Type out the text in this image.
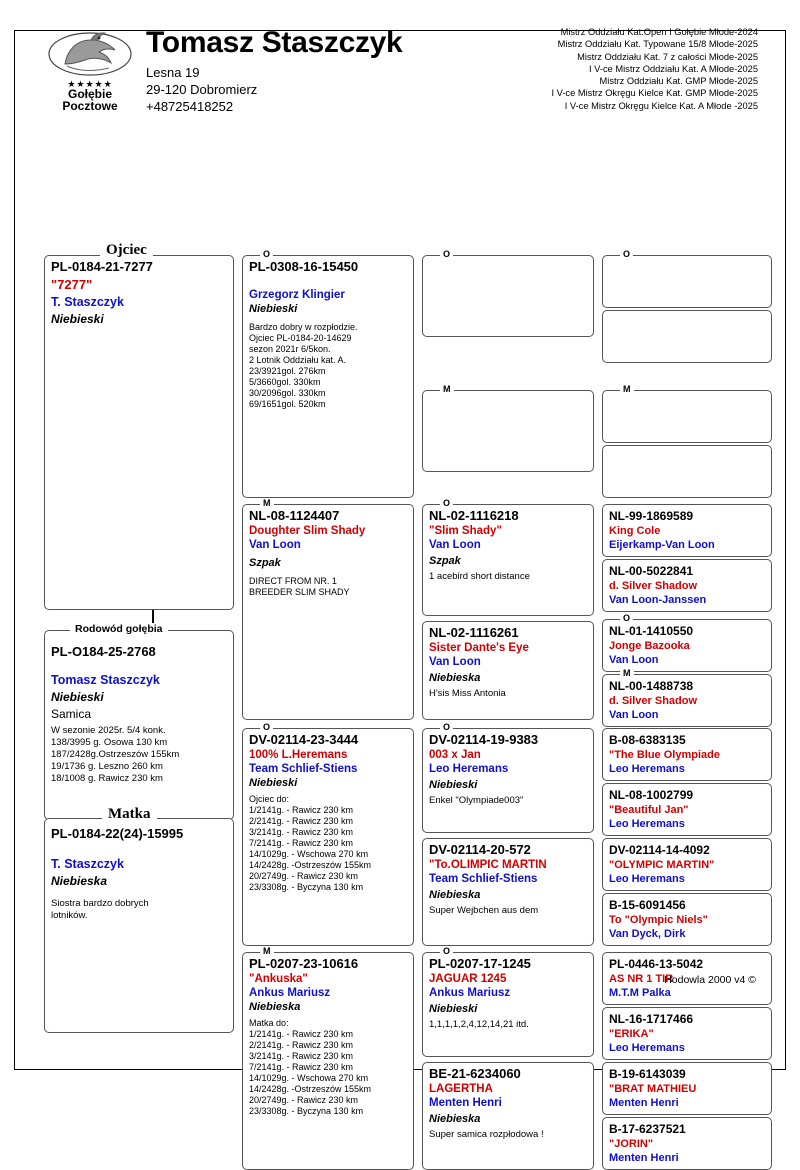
★★★★★
Gołębie
Pocztowe
Tomasz Staszczyk
Lesna 19
29-120 Dobromierz
+48725418252
Mistrz Oddziału Kat.Open I Gołębie Młode-2024
Mistrz Oddziału Kat. Typowane 15/8 Młode-2025
Mistrz Oddziału Kat. 7 z całości Młode-2025
I V-ce Mistrz Oddziału Kat. A Młode-2025
Mistrz Oddziału Kat. GMP Młode-2025
I V-ce Mistrz Okręgu Kielce Kat. GMP Młode-2025
I V-ce Mistrz Okręgu Kielce Kat. A Młode -2025
Ojciec
PL-0184-21-7277
"7277"
T. Staszczyk
Niebieski
Rodowód gołębia
PL-O184-25-2768
Tomasz Staszczyk
Niebieski
Samica
W sezonie 2025r. 5/4 konk.
138/3995 g. Osowa 130 km
187/2428g.Ostrzeszów 155km
19/1736 g. Leszno 260 km
18/1008 g. Rawicz 230 km
Matka
PL-0184-22(24)-15995
T. Staszczyk
Niebieska
Siostra bardzo dobrych
lotników.
O
PL-0308-16-15450
Grzegorz Klingier
Niebieski
Bardzo dobry w rozpłodzie.
Ojciec PL-0184-20-14629
sezon 2021r 6/5kon.
2 Lotnik Oddziału kat. A.
23/3921gol. 276km
5/3660gol. 330km
30/2096gol. 330km
69/1651gol. 520km
M
NL-08-1124407
Doughter Slim Shady
Van Loon
Szpak
DIRECT FROM NR. 1
BREEDER SLIM SHADY
O
DV-02114-23-3444
100% L.Heremans
Team Schlief-Stiens
Niebieski
Ojciec do:
1/2141g. - Rawicz 230 km
2/2141g. - Rawicz 230 km
3/2141g. - Rawicz 230 km
7/2141g. - Rawicz 230 km
14/1029g. - Wschowa 270 km
14/2428g. -Ostrzeszów 155km
20/2749g. - Rawicz 230 km
23/3308g. - Byczyna 130 km
M
PL-0207-23-10616
"Ankuska"
Ankus Mariusz
Niebieska
Matka do:
1/2141g. - Rawicz 230 km
2/2141g. - Rawicz 230 km
3/2141g. - Rawicz 230 km
7/2141g. - Rawicz 230 km
14/1029g. - Wschowa 270 km
14/2428g. -Ostrzeszów 155km
20/2749g. - Rawicz 230 km
23/3308g. - Byczyna 130 km
O
M
O
NL-02-1116218
"Slim Shady"
Van Loon
Szpak
1 acebird short distance
NL-02-1116261
Sister Dante's Eye
Van Loon
Niebieska
H'sis Miss Antonia
O
DV-02114-19-9383
003 x Jan
Leo Heremans
Niebieski
Enkel "Olympiade003"
DV-02114-20-572
"To.OLIMPIC MARTIN
Team Schlief-Stiens
Niebieska
Super Wejbchen aus dem
O
PL-0207-17-1245
JAGUAR 1245
Ankus Mariusz
Niebieski
1,1,1,1,2,4,12,14,21 itd.
BE-21-6234060
LAGERTHA
Menten Henri
Niebieska
Super samica rozpłodowa !
O
M
NL-99-1869589
King Cole
Eijerkamp-Van Loon
NL-00-5022841
d. Silver Shadow
Van Loon-Janssen
O
NL-01-1410550
Jonge Bazooka
Van Loon
M
NL-00-1488738
d. Silver Shadow
Van Loon
B-08-6383135
"The Blue Olympiade
Leo Heremans
NL-08-1002799
"Beautiful Jan"
Leo Heremans
DV-02114-14-4092
"OLYMPIC MARTIN"
Leo Heremans
B-15-6091456
To "Olympic Niels"
Van Dyck, Dirk
PL-0446-13-5042
AS NR 1 TIR
M.T.M Palka
NL-16-1717466
"ERIKA"
Leo Heremans
B-19-6143039
"BRAT MATHIEU
Menten Henri
B-17-6237521
"JORIN"
Menten Henri
Hodowla 2000 v4 ©
